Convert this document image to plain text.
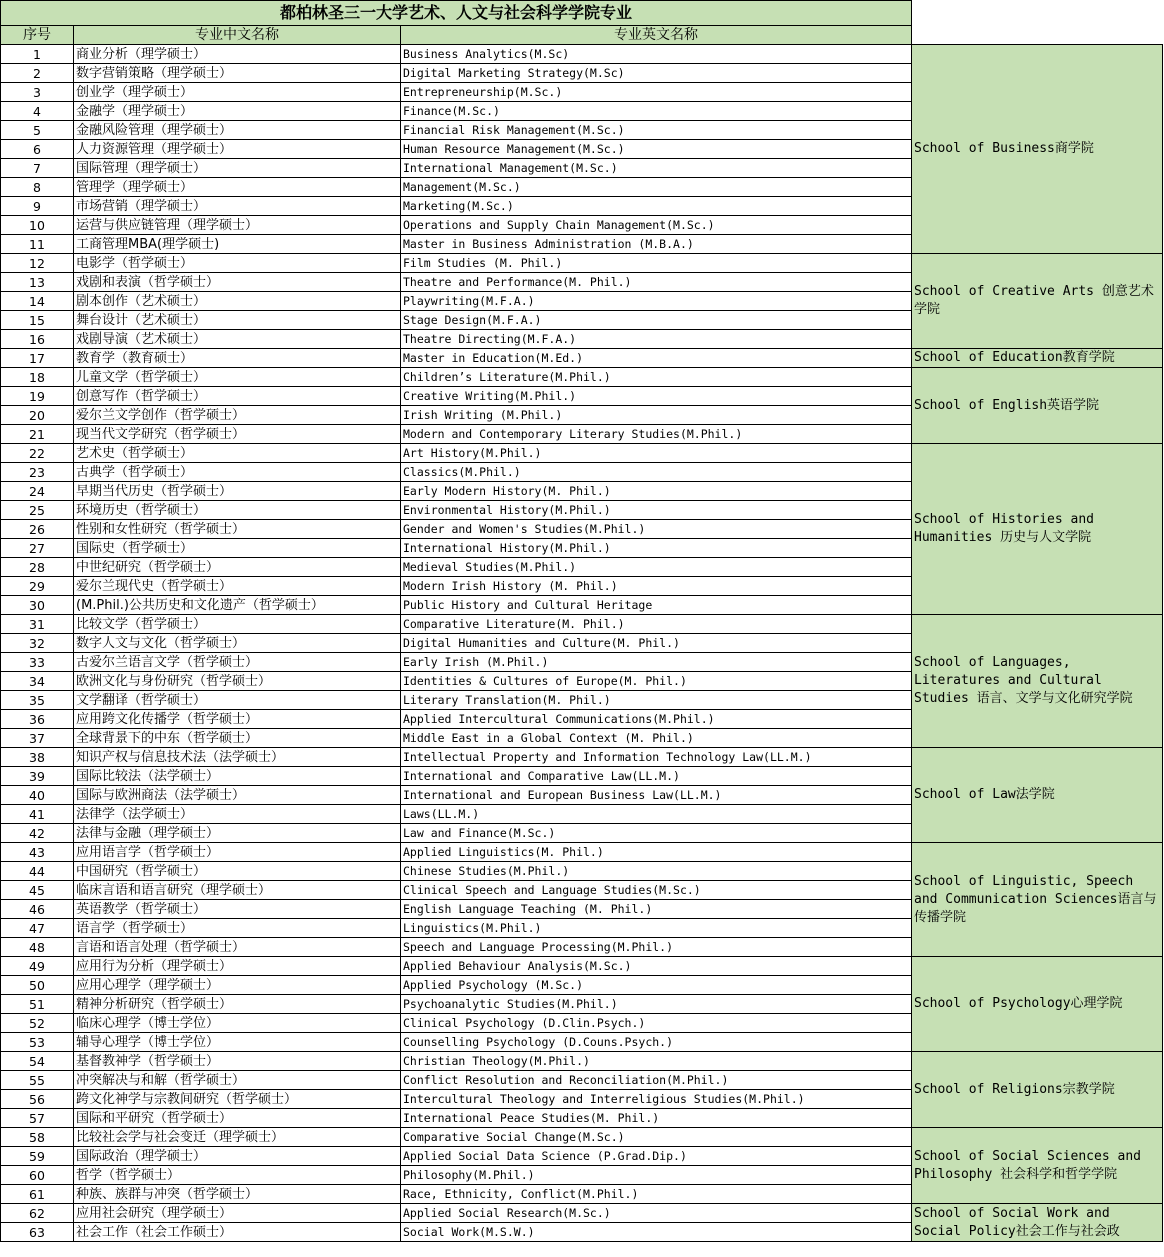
都柏林圣三一大学艺术、人文与社会科学学院专业			
序号	专业中文名称	专业英文名称	
1	商业分析（理学硕士）	Business Analytics(M.Sc)	School of Business商学院
2	数字营销策略（理学硕士）	Digital Marketing Strategy(M.Sc)	
3	创业学（理学硕士）	Entrepreneurship(M.Sc.)	
4	金融学（理学硕士）	Finance(M.Sc.)	
5	金融风险管理（理学硕士）	Financial Risk Management(M.Sc.)	
6	人力资源管理（理学硕士）	Human Resource Management(M.Sc.)	
7	国际管理（理学硕士）	International Management(M.Sc.)	
8	管理学（理学硕士）	Management(M.Sc.)	
9	市场营销（理学硕士）	Marketing(M.Sc.)	
10	运营与供应链管理（理学硕士）	Operations and Supply Chain Management(M.Sc.)	
11	工商管理MBA(理学硕士)	Master in Business Administration (M.B.A.)	
12	电影学（哲学硕士）	Film Studies (M. Phil.)	School of Creative Arts 创意艺术学院
13	戏剧和表演（哲学硕士）	Theatre and Performance(M. Phil.)	
14	剧本创作（艺术硕士）	Playwriting(M.F.A.)	
15	舞台设计（艺术硕士）	Stage Design(M.F.A.)	
16	戏剧导演（艺术硕士）	Theatre Directing(M.F.A.)	
17	教育学（教育硕士）	Master in Education(M.Ed.)	School of Education教育学院
18	儿童文学（哲学硕士）	Children’s Literature(M.Phil.)	School of English英语学院
19	创意写作（哲学硕士）	Creative Writing(M.Phil.)	
20	爱尔兰文学创作（哲学硕士）	Irish Writing (M.Phil.)	
21	现当代文学研究（哲学硕士）	Modern and Contemporary Literary Studies(M.Phil.)	
22	艺术史（哲学硕士）	Art History(M.Phil.)	School of Histories and Humanities 历史与人文学院
23	古典学（哲学硕士）	Classics(M.Phil.)	
24	早期当代历史（哲学硕士）	Early Modern History(M. Phil.)	
25	环境历史（哲学硕士）	Environmental History(M.Phil.)	
26	性别和女性研究（哲学硕士）	Gender and Women's Studies(M.Phil.)	
27	国际史（哲学硕士）	International History(M.Phil.)	
28	中世纪研究（哲学硕士）	Medieval Studies(M.Phil.)	
29	爱尔兰现代史（哲学硕士）	Modern Irish History (M. Phil.)	
30	(M.Phil.)公共历史和文化遗产（哲学硕士）	Public History and Cultural Heritage	
31	比较文学（哲学硕士）	Comparative Literature(M. Phil.)	School of Languages, Literatures and Cultural Studies 语言、文学与文化研究学院
32	数字人文与文化（哲学硕士）	Digital Humanities and Culture(M. Phil.)	
33	古爱尔兰语言文学（哲学硕士）	Early Irish (M.Phil.)	
34	欧洲文化与身份研究（哲学硕士）	Identities & Cultures of Europe(M. Phil.)	
35	文学翻译（哲学硕士）	Literary Translation(M. Phil.)	
36	应用跨文化传播学（哲学硕士）	Applied Intercultural Communications(M.Phil.)	
37	全球背景下的中东（哲学硕士）	Middle East in a Global Context (M. Phil.)	
38	知识产权与信息技术法（法学硕士）	Intellectual Property and Information Technology Law(LL.M.)	School of Law法学院
39	国际比较法（法学硕士）	International and Comparative Law(LL.M.)	
40	国际与欧洲商法（法学硕士）	International and European Business Law(LL.M.)	
41	法律学（法学硕士）	Laws(LL.M.)	
42	法律与金融（理学硕士）	Law and Finance(M.Sc.)	
43	应用语言学（哲学硕士）	Applied Linguistics(M. Phil.)	School of Linguistic, Speech and Communication Sciences语言与传播学院
44	中国研究（哲学硕士）	Chinese Studies(M.Phil.)	
45	临床言语和语言研究（理学硕士）	Clinical Speech and Language Studies(M.Sc.)	
46	英语教学（哲学硕士）	English Language Teaching (M. Phil.)	
47	语言学（哲学硕士）	Linguistics(M.Phil.)	
48	言语和语言处理（哲学硕士）	Speech and Language Processing(M.Phil.)	
49	应用行为分析（理学硕士）	Applied Behaviour Analysis(M.Sc.)	School of Psychology心理学院
50	应用心理学（理学硕士）	Applied Psychology (M.Sc.)	
51	精神分析研究（哲学硕士）	Psychoanalytic Studies(M.Phil.)	
52	临床心理学（博士学位）	Clinical Psychology (D.Clin.Psych.)	
53	辅导心理学（博士学位）	Counselling Psychology (D.Couns.Psych.)	
54	基督教神学（哲学硕士）	Christian Theology(M.Phil.)	School of Religions宗教学院
55	冲突解决与和解（哲学硕士）	Conflict Resolution and Reconciliation(M.Phil.)	
56	跨文化神学与宗教间研究（哲学硕士）	Intercultural Theology and Interreligious Studies(M.Phil.)	
57	国际和平研究（哲学硕士）	International Peace Studies(M. Phil.)	
58	比较社会学与社会变迁（理学硕士）	Comparative Social Change(M.Sc.)	School of Social Sciences and Philosophy 社会科学和哲学学院
59	国际政治（理学硕士）	Applied Social Data Science (P.Grad.Dip.)	
60	哲学（哲学硕士）	Philosophy(M.Phil.)	
61	种族、族群与冲突（哲学硕士）	Race, Ethnicity, Conflict(M.Phil.)	
62	应用社会研究（理学硕士）	Applied Social Research(M.Sc.)	School of Social Work and Social Policy社会工作与社会政
63	社会工作（社会工作硕士）	Social Work(M.S.W.)	
